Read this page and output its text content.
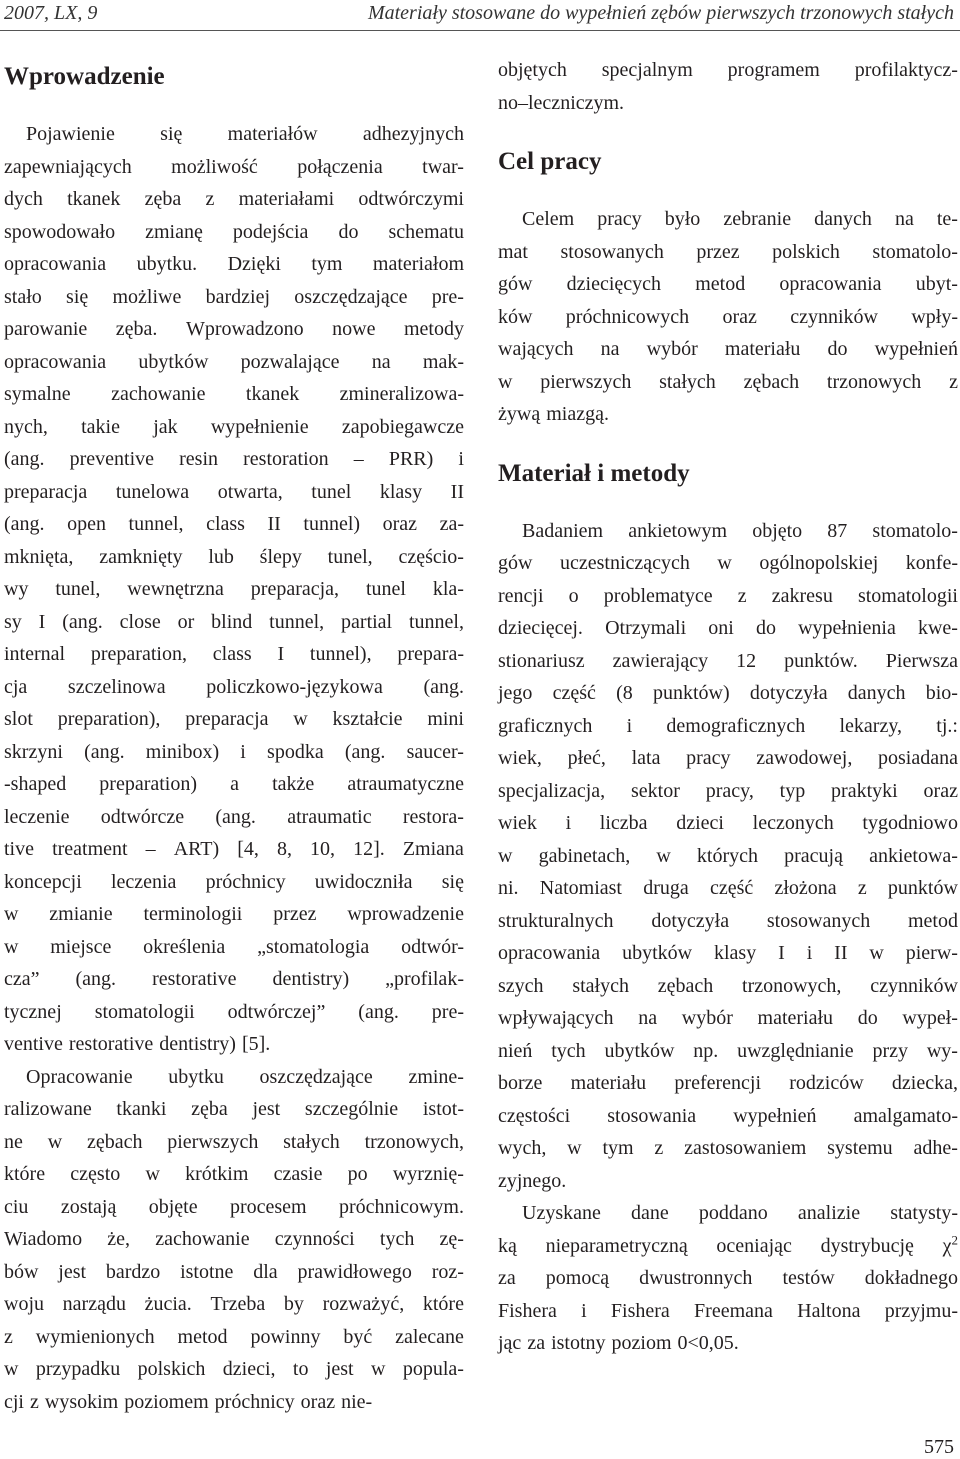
2007, LX, 9	Materiały stosowane do wypełnień zębów pierwszych trzonowych stałych
Wprowadzenie
Pojawienie się materiałów adhezyjnych
zapewniających możliwość połączenia twar-
dych tkanek zęba z materiałami odtwórczymi
spowodowało zmianę podejścia do schematu
opracowania ubytku. Dzięki tym materiałom
stało się możliwe bardziej oszczędzające pre-
parowanie zęba. Wprowadzono nowe metody
opracowania ubytków pozwalające na mak-
symalne zachowanie tkanek zmineralizowa-
nych, takie jak wypełnienie zapobiegawcze
(ang. preventive resin restoration – PRR) i
preparacja tunelowa otwarta, tunel klasy II
(ang. open tunnel, class II tunnel) oraz za-
mknięta, zamknięty lub ślepy tunel, częścio-
wy tunel, wewnętrzna preparacja, tunel kla-
sy I (ang. close or blind tunnel, partial tunnel,
internal preparation, class I tunnel), prepara-
cja szczelinowa policzkowo-językowa (ang.
slot preparation), preparacja w kształcie mini
skrzyni (ang. minibox) i spodka (ang. saucer-
-shaped preparation) a także atraumatyczne
leczenie odtwórcze (ang. atraumatic restora-
tive treatment – ART) [4, 8, 10, 12]. Zmiana
koncepcji leczenia próchnicy uwidoczniła się
w zmianie terminologii przez wprowadzenie
w miejsce określenia „stomatologia odtwór-
cza” (ang. restorative dentistry) „profilak-
tycznej stomatologii odtwórczej” (ang. pre-
ventive restorative dentistry) [5].
Opracowanie ubytku oszczędzające zmine-
ralizowane tkanki zęba jest szczególnie istot-
ne w zębach pierwszych stałych trzonowych,
które często w krótkim czasie po wyrznię-
ciu zostają objęte procesem próchnicowym.
Wiadomo że, zachowanie czynności tych zę-
bów jest bardzo istotne dla prawidłowego roz-
woju narządu żucia. Trzeba by rozważyć, które
z wymienionych metod powinny być zalecane
w przypadku polskich dzieci, to jest w popula-
cji z wysokim poziomem próchnicy oraz nie-
objętych specjalnym programem profilaktycz-
no–leczniczym.
Cel pracy
Celem pracy było zebranie danych na te-
mat stosowanych przez polskich stomatolo-
gów dziecięcych metod opracowania ubyt-
ków próchnicowych oraz czynników wpły-
wających na wybór materiału do wypełnień
w pierwszych stałych zębach trzonowych z
żywą miazgą.
Materiał i metody
Badaniem ankietowym objęto 87 stomatolo-
gów uczestniczących w ogólnopolskiej konfe-
rencji o problematyce z zakresu stomatologii
dziecięcej. Otrzymali oni do wypełnienia kwe-
stionariusz zawierający 12 punktów. Pierwsza
jego część (8 punktów) dotyczyła danych bio-
graficznych i demograficznych lekarzy, tj.:
wiek, płeć, lata pracy zawodowej, posiadana
specjalizacja, sektor pracy, typ praktyki oraz
wiek i liczba dzieci leczonych tygodniowo
w gabinetach, w których pracują ankietowa-
ni. Natomiast druga część złożona z punktów
strukturalnych dotyczyła stosowanych metod
opracowania ubytków klasy I i II w pierw-
szych stałych zębach trzonowych, czynników
wpływających na wybór materiału do wypeł-
nień tych ubytków np. uwzględnianie przy wy-
borze materiału preferencji rodziców dziecka,
częstości stosowania wypełnień amalgamato-
wych, w tym z zastosowaniem systemu adhe-
zyjnego.
Uzyskane dane poddano analizie statysty-
ką nieparametryczną oceniając dystrybucję $\chi^2$
za pomocą dwustronnych testów dokładnego
Fishera i Fishera Freemana Haltona przyjmu-
jąc za istotny poziom 0<0,05.
575
